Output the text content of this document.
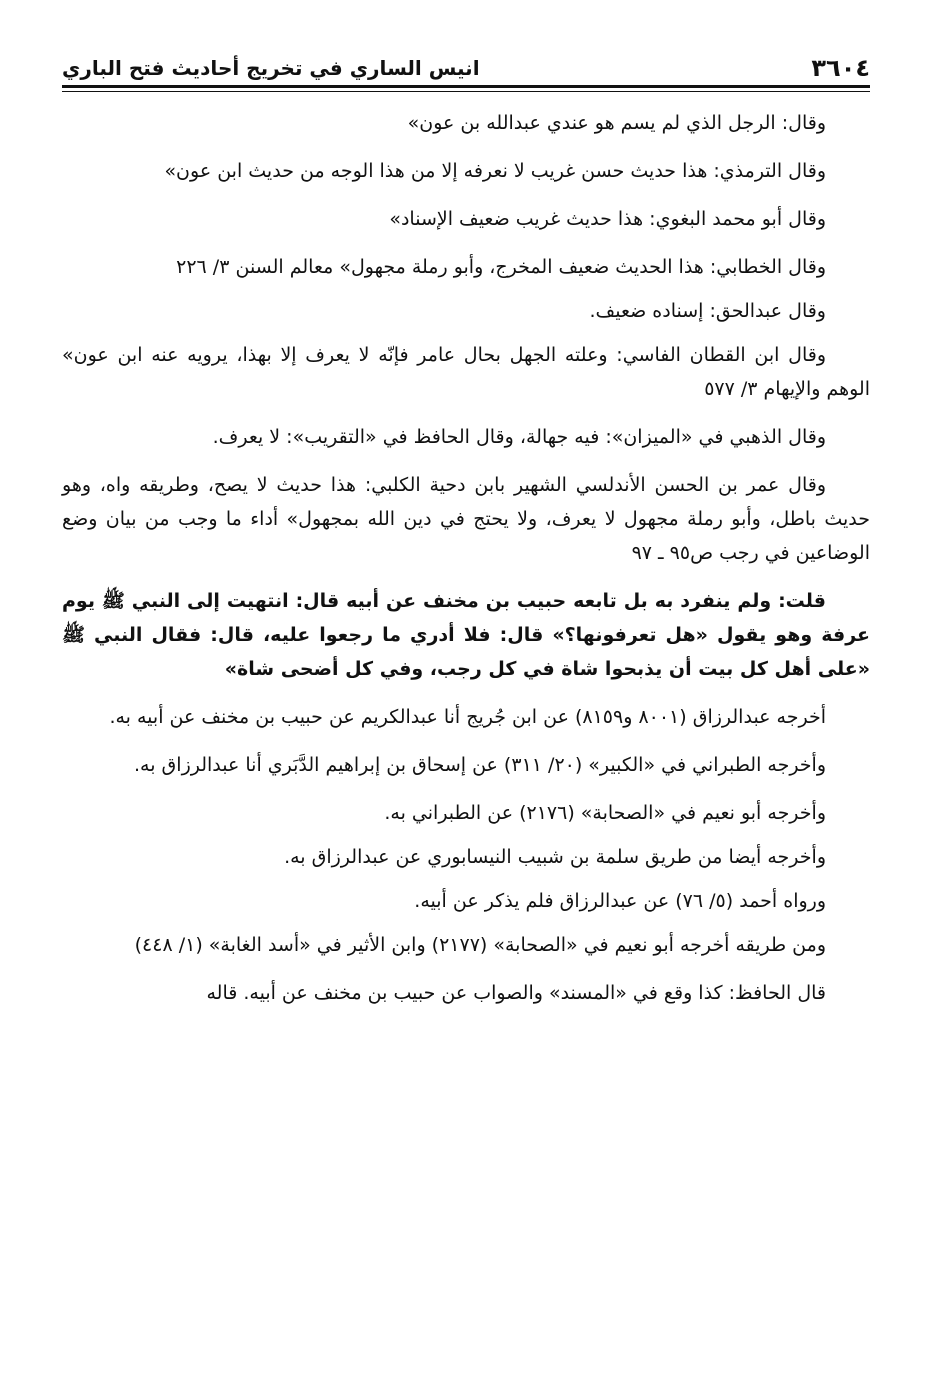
٣٦٠٤
انيس الساري في تخريج أحاديث فتح الباري

وقال: الرجل الذي لم يسم هو عندي عبدالله بن عون»

وقال الترمذي: هذا حديث حسن غريب لا نعرفه إلا من هذا الوجه من حديث ابن عون»

وقال أبو محمد البغوي: هذا حديث غريب ضعيف الإسناد»

وقال الخطابي: هذا الحديث ضعيف المخرج، وأبو رملة مجهول» معالم السنن ٣/ ٢٢٦

وقال عبدالحق: إسناده ضعيف.

وقال ابن القطان الفاسي: وعلته الجهل بحال عامر فإنّه لا يعرف إلا بهذا، يرويه عنه ابن عون» الوهم والإيهام ٣/ ٥٧٧

وقال الذهبي في «الميزان»: فيه جهالة، وقال الحافظ في «التقريب»: لا يعرف.

وقال عمر بن الحسن الأندلسي الشهير بابن دحية الكلبي: هذا حديث لا يصح، وطريقه واه، وهو حديث باطل، وأبو رملة مجهول لا يعرف، ولا يحتج في دين الله بمجهول» أداء ما وجب من بيان وضع الوضاعين في رجب ص٩٥ ـ ٩٧

قلت: ولم ينفرد به بل تابعه حبيب بن مخنف عن أبيه قال: انتهيت إلى النبي ﷺ يوم عرفة وهو يقول «هل تعرفونها؟» قال: فلا أدري ما رجعوا عليه، قال: فقال النبي ﷺ «على أهل كل بيت أن يذبحوا شاة في كل رجب، وفي كل أضحى شاة»

أخرجه عبدالرزاق (٨٠٠١ و٨١٥٩) عن ابن جُريج أنا عبدالكريم عن حبيب بن مخنف عن أبيه به.

وأخرجه الطبراني في «الكبير» (٢٠/ ٣١١) عن إسحاق بن إبراهيم الدَّبَري أنا عبدالرزاق به.

وأخرجه أبو نعيم في «الصحابة» (٢١٧٦) عن الطبراني به.

وأخرجه أيضا من طريق سلمة بن شبيب النيسابوري عن عبدالرزاق به.

ورواه أحمد (٥/ ٧٦) عن عبدالرزاق فلم يذكر عن أبيه.

ومن طريقه أخرجه أبو نعيم في «الصحابة» (٢١٧٧) وابن الأثير في «أسد الغابة» (١/ ٤٤٨)

قال الحافظ: كذا وقع في «المسند» والصواب عن حبيب بن مخنف عن أبيه. قاله
